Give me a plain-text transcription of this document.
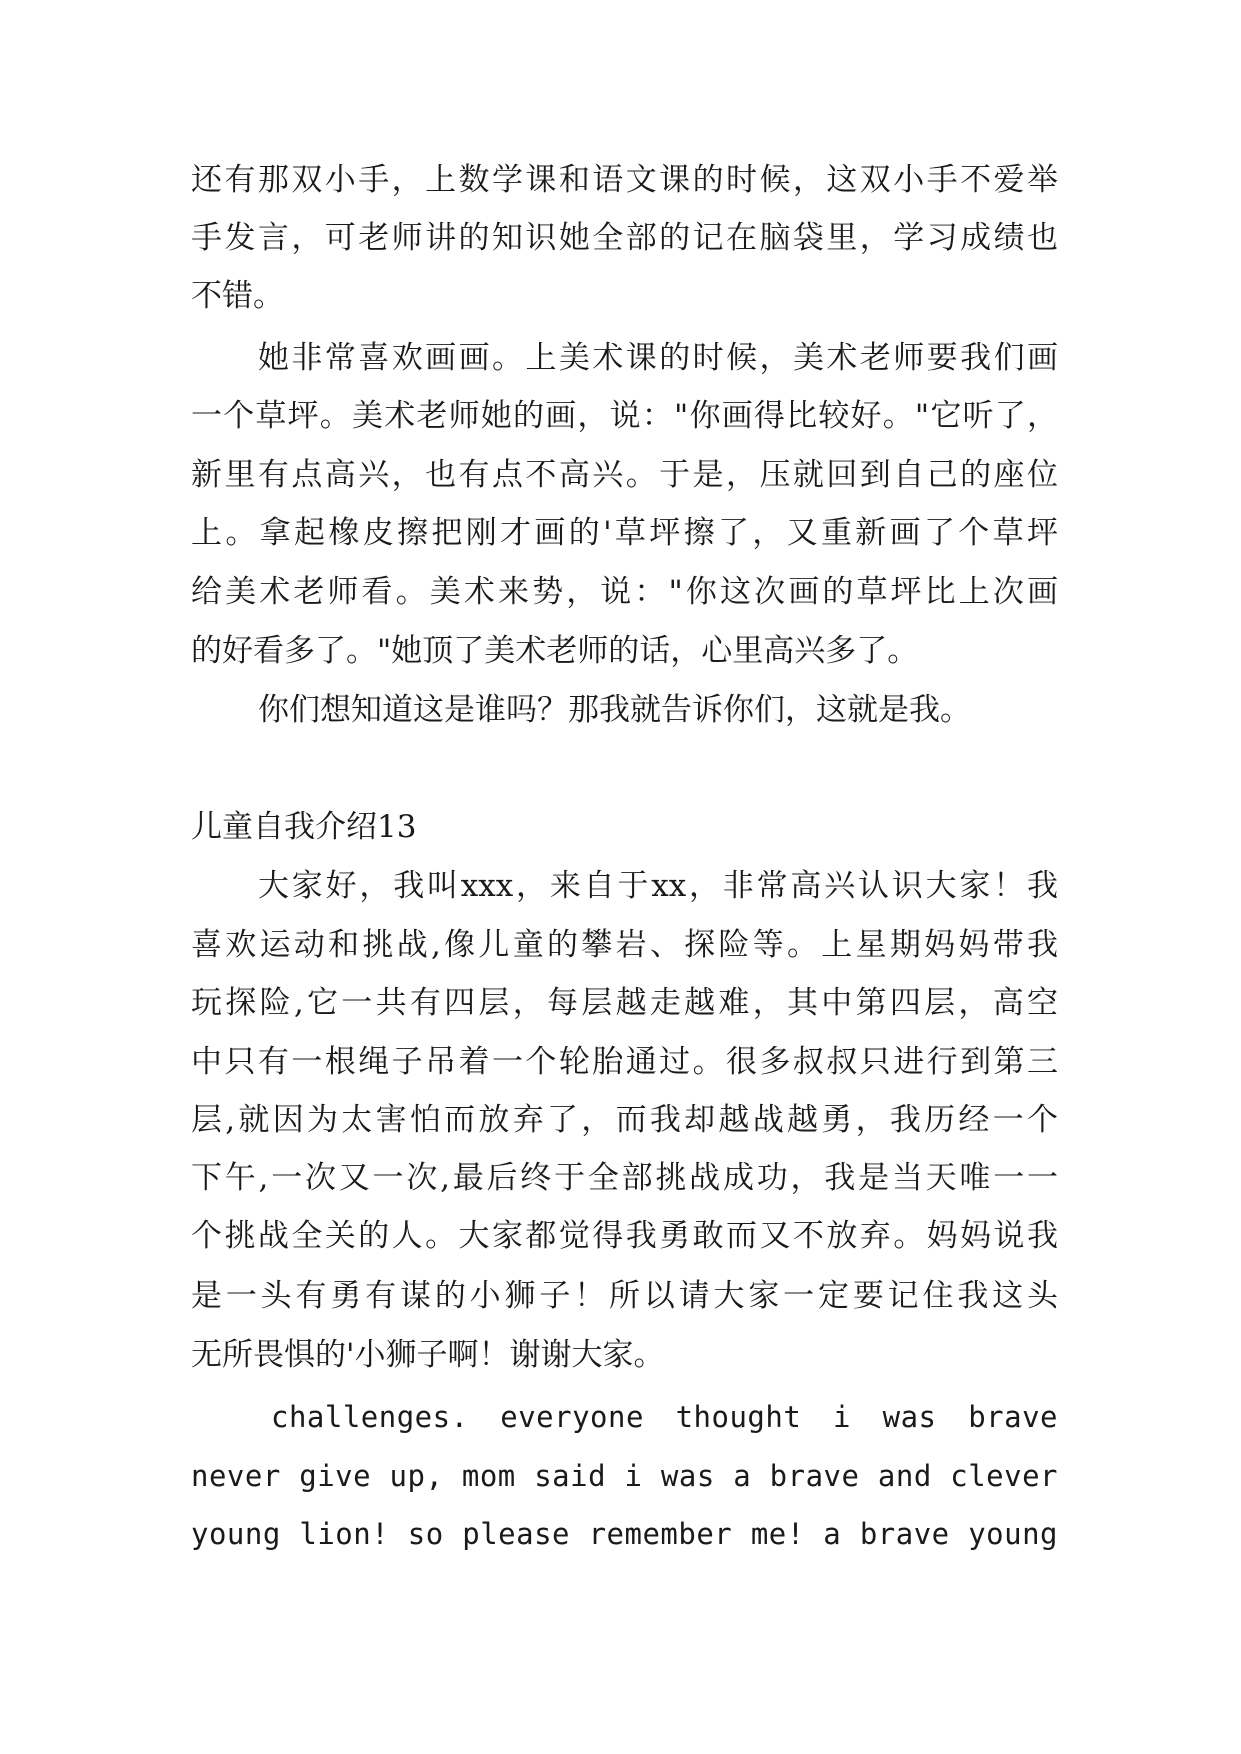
还有那双小手，上数学课和语文课的时候，这双小手不爱举
手发言，可老师讲的知识她全部的记在脑袋里，学习成绩也
不错。
她非常喜欢画画。上美术课的时候，美术老师要我们画
一个草坪。美术老师她的画，说："你画得比较好。"它听了，
新里有点高兴，也有点不高兴。于是，压就回到自己的座位
上。拿起橡皮擦把刚才画的'草坪擦了，又重新画了个草坪
给美术老师看。美术来势，说："你这次画的草坪比上次画
的好看多了。"她顶了美术老师的话，心里高兴多了。
你们想知道这是谁吗？那我就告诉你们，这就是我。
儿童自我介绍13
大家好，我叫xxx，来自于xx，非常高兴认识大家！我
喜欢运动和挑战,像儿童的攀岩、探险等。上星期妈妈带我
玩探险,它一共有四层，每层越走越难，其中第四层，高空
中只有一根绳子吊着一个轮胎通过。很多叔叔只进行到第三
层,就因为太害怕而放弃了，而我却越战越勇，我历经一个
下午,一次又一次,最后终于全部挑战成功，我是当天唯一一
个挑战全关的人。大家都觉得我勇敢而又不放弃。妈妈说我
是一头有勇有谋的小狮子！所以请大家一定要记住我这头
无所畏惧的'小狮子啊！谢谢大家。
challenges. everyone thought i was brave
never give up, mom said i was a brave and clever
young lion! so please remember me! a brave young
